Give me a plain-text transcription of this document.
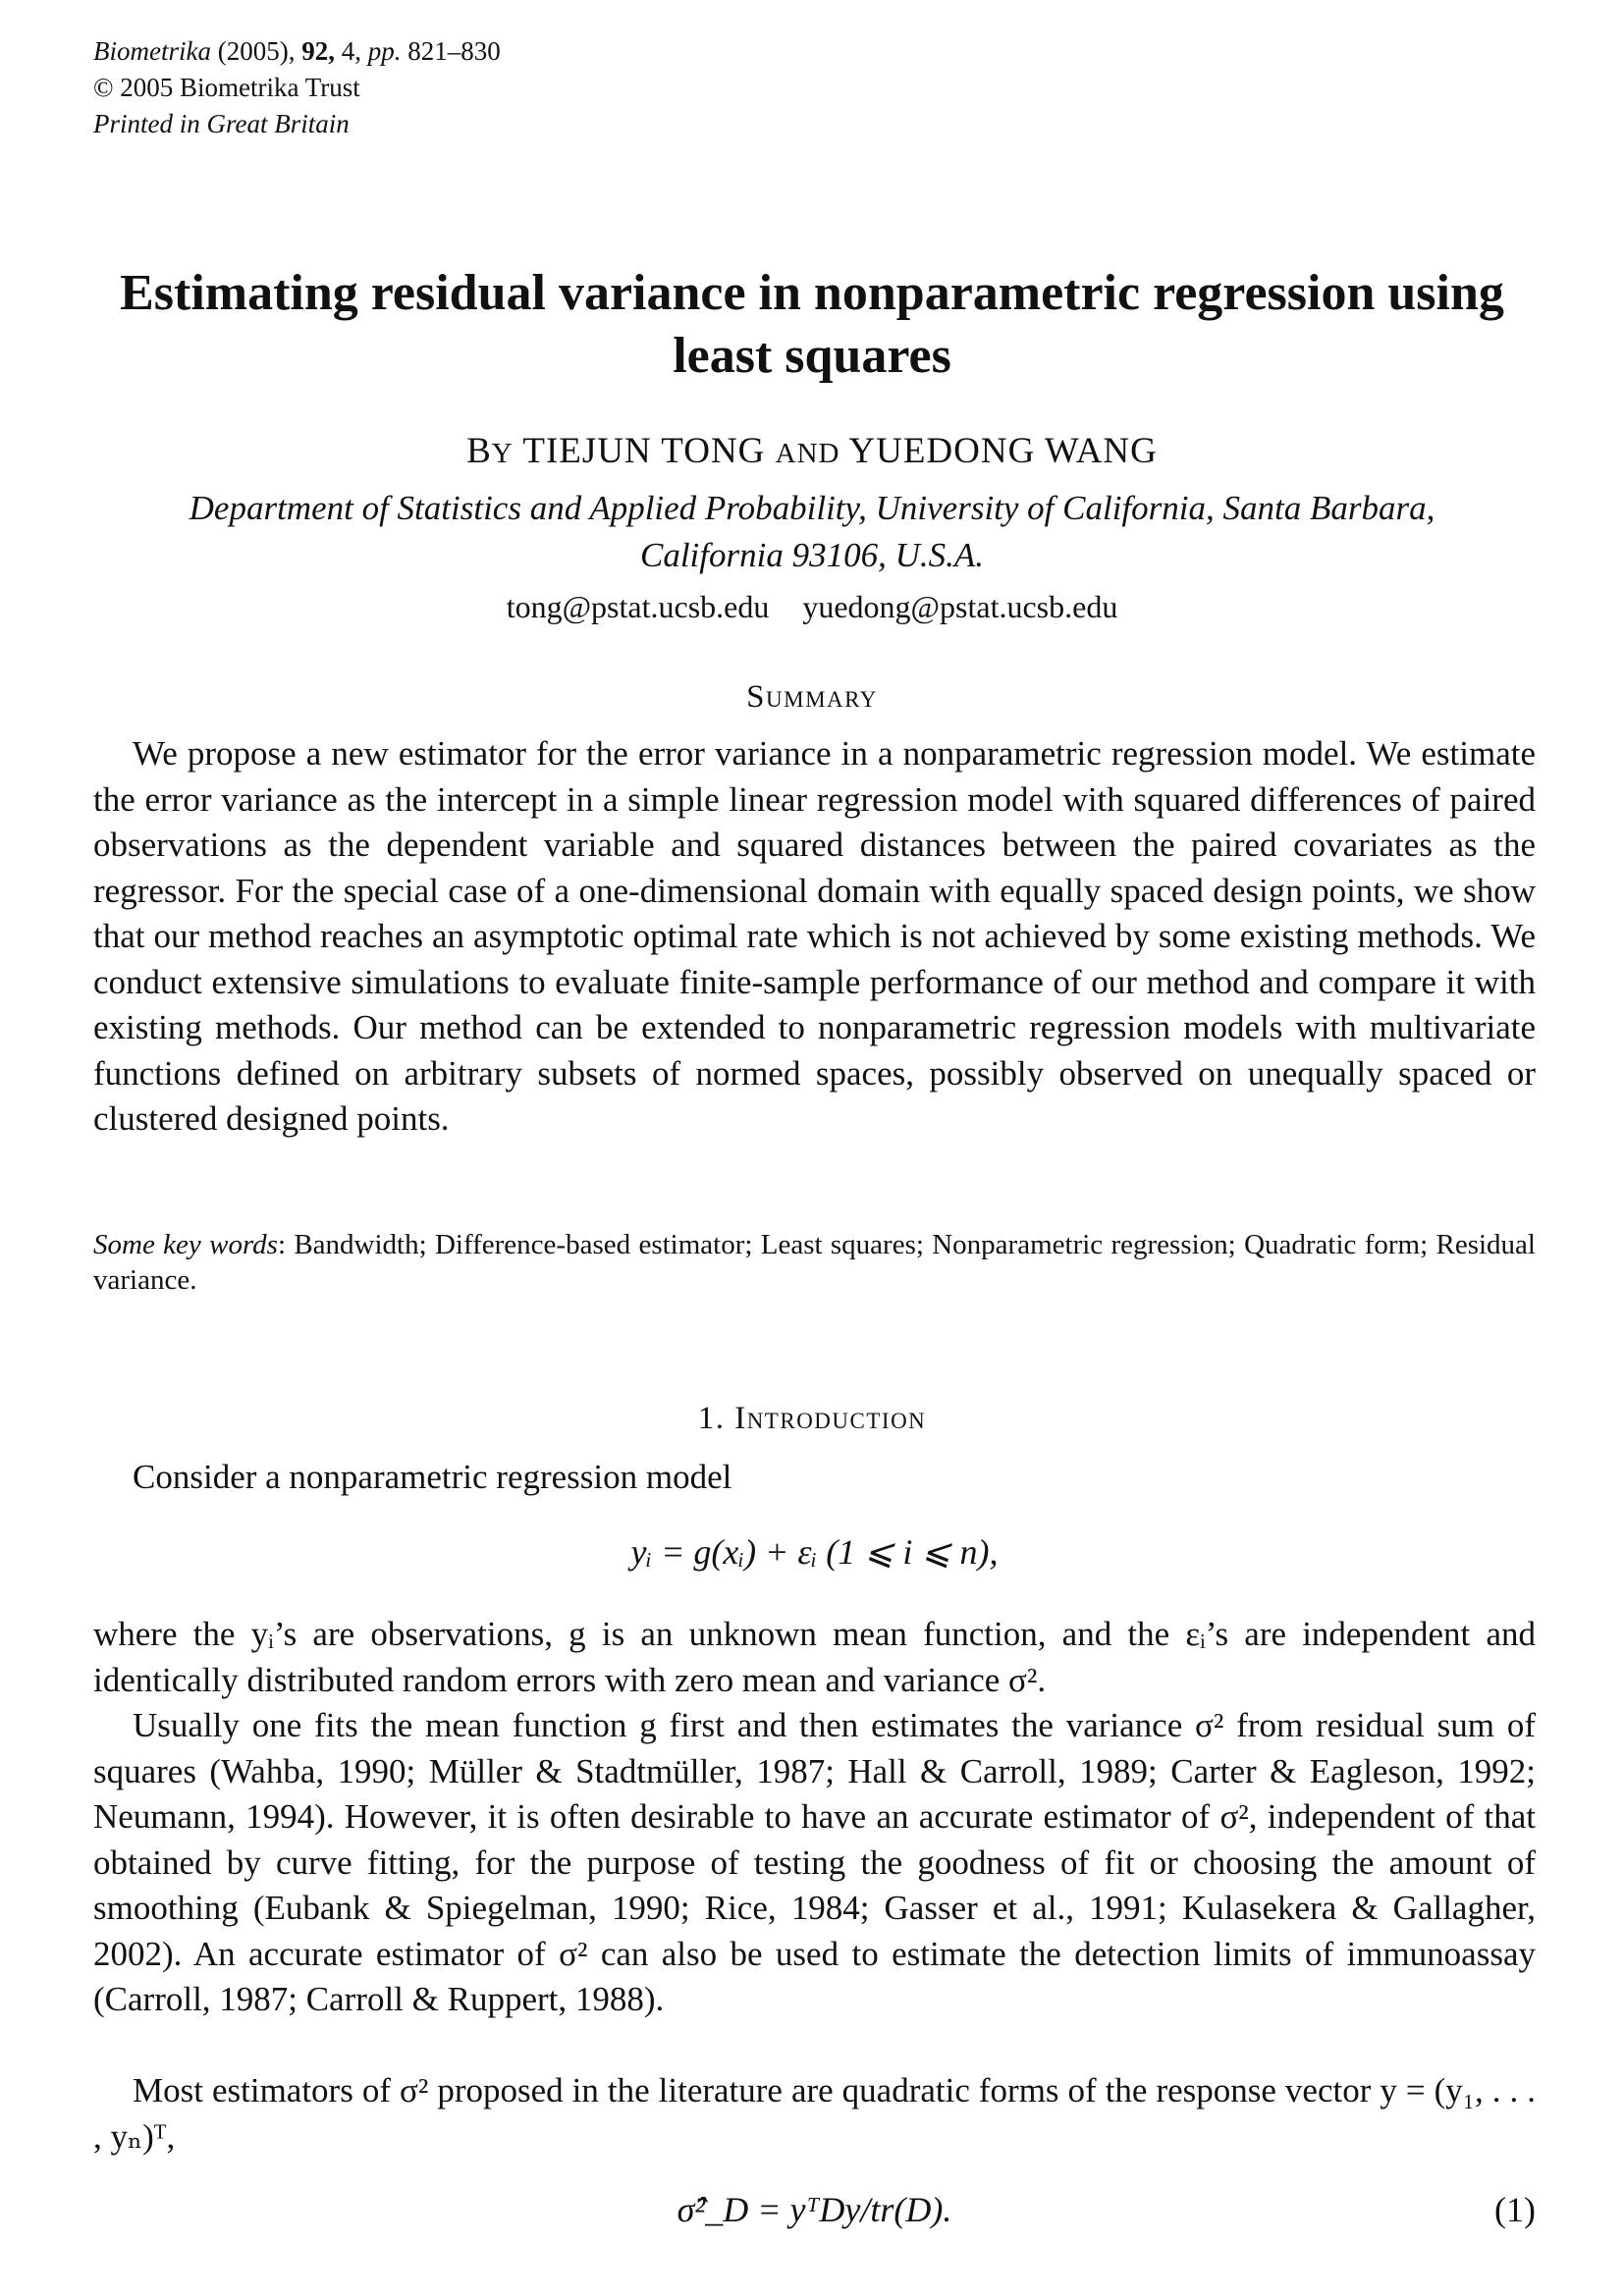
Biometrika (2005), 92, 4, pp. 821–830
© 2005 Biometrika Trust
Printed in Great Britain
Estimating residual variance in nonparametric regression using
least squares
BY TIEJUN TONG AND YUEDONG WANG
Department of Statistics and Applied Probability, University of California, Santa Barbara,
California 93106, U.S.A.
tong@pstat.ucsb.edu yuedong@pstat.ucsb.edu
Summary
We propose a new estimator for the error variance in a nonparametric regression model. We estimate the error variance as the intercept in a simple linear regression model with squared differences of paired observations as the dependent variable and squared distances between the paired covariates as the regressor. For the special case of a one-dimensional domain with equally spaced design points, we show that our method reaches an asymptotic optimal rate which is not achieved by some existing methods. We conduct extensive simulations to evaluate finite-sample performance of our method and compare it with existing methods. Our method can be extended to nonparametric regression models with multivariate functions defined on arbitrary subsets of normed spaces, possibly observed on unequally spaced or clustered designed points.
Some key words: Bandwidth; Difference-based estimator; Least squares; Nonparametric regression; Quadratic form; Residual variance.
1. Introduction
Consider a nonparametric regression model
yᵢ = g(xᵢ) + εᵢ (1 ⩽ i ⩽ n),
where the yᵢ’s are observations, g is an unknown mean function, and the εᵢ’s are independent and identically distributed random errors with zero mean and variance σ².
Usually one fits the mean function g first and then estimates the variance σ² from residual sum of squares (Wahba, 1990; Müller & Stadtmüller, 1987; Hall & Carroll, 1989; Carter & Eagleson, 1992; Neumann, 1994). However, it is often desirable to have an accurate estimator of σ², independent of that obtained by curve fitting, for the purpose of testing the goodness of fit or choosing the amount of smoothing (Eubank & Spiegelman, 1990; Rice, 1984; Gasser et al., 1991; Kulasekera & Gallagher, 2002). An accurate estimator of σ² can also be used to estimate the detection limits of immunoassay (Carroll, 1987; Carroll & Ruppert, 1988).
Most estimators of σ² proposed in the literature are quadratic forms of the response vector y = (y₁, . . . , yₙ)ᵀ,
σ̂²_D = yᵀDy/tr(D).	(1)
